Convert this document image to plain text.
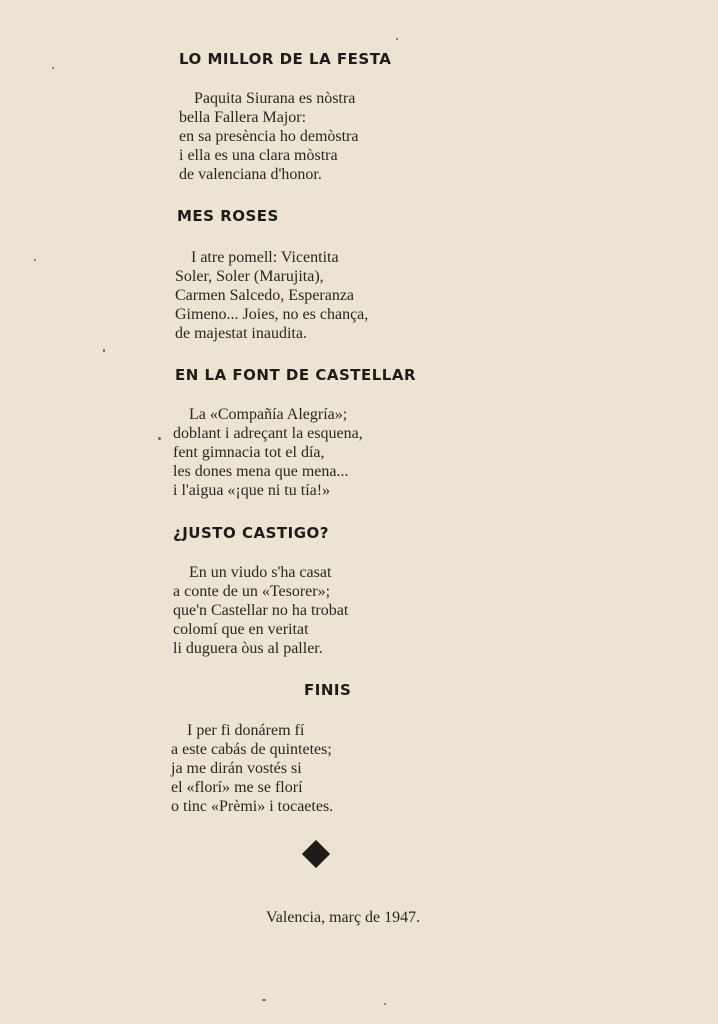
LO MILLOR DE LA FESTA
Paquita Siurana es nòstra
bella Fallera Major:
en sa presència ho demòstra
i ella es una clara mòstra
de valenciana d'honor.
MES ROSES
I atre pomell: Vicentita
Soler, Soler (Marujita),
Carmen Salcedo, Esperanza
Gimeno... Joies, no es chança,
de majestat inaudita.
EN LA FONT DE CASTELLAR
La «Compañía Alegría»;
doblant i adreçant la esquena,
fent gimnacia tot el día,
les dones mena que mena...
i l'aigua «¡que ni tu tía!»
¿JUSTO CASTIGO?
En un viudo s'ha casat
a conte de un «Tesorer»;
que'n Castellar no ha trobat
colomí que en veritat
li duguera òus al paller.
FINIS
I per fi donárem fí
a este cabás de quintetes;
ja me dirán vostés si
el «florí» me se florí
o tinc «Prèmi» i tocaetes.
Valencia, març de 1947.
